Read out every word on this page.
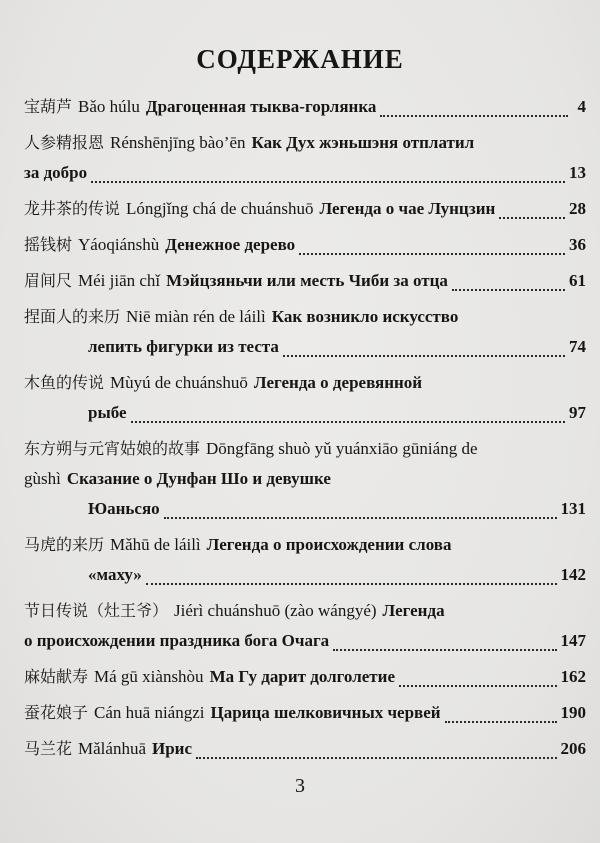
СОДЕРЖАНИЕ
宝葫芦 Bǎo húlu Драгоценная тыква-горлянка	4
人参精报恩 Rénshēnjīng bào’ēn Как Дух жэньшэня отплатил
за добро	13
龙井茶的传说 Lóngjǐng chá de chuánshuō Легенда о чае Лунцзин	28
摇钱树 Yáoqiánshù Денежное дерево	36
眉间尺 Méi jiān chǐ Мэйцзяньчи или месть Чиби за отца	61
捏面人的来历 Niē miàn rén de láilì Как возникло искусство
лепить фигурки из теста	74
木鱼的传说 Mùyú de chuánshuō Легенда о деревянной
рыбе	97
东方朔与元宵姑娘的故事 Dōngfāng shuò yǔ yuánxiāo gūniáng de
gùshì Сказание о Дунфан Шо и девушке
Юаньсяо	131
马虎的来历 Mǎhū de láilì Легенда о происхождении слова
«маху»	142
节日传说（灶王爷） Jiérì chuánshuō (zào wángyé) Легенда
о происхождении праздника бога Очага	147
麻姑献寿 Má gū xiànshòu Ма Гу дарит долголетие	162
蚕花娘子 Cán huā niángzi Царица шелковичных червей	190
马兰花 Mǎlánhuā Ирис	206
3
